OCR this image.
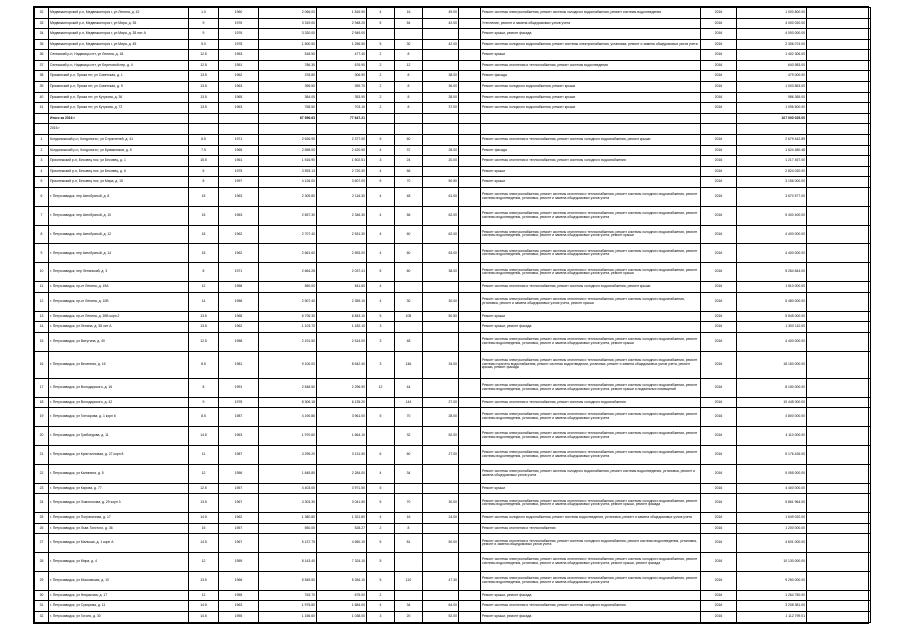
32	Медвежьегорский р-н, Медвежьегорск г, ул Ленина, д. 42	1.0	1960	2 066.00	1 816.90	4	16	49.00		Ремонт системы электроснабжения, ремонт системы холодного водоснабжения, ремонт системы водоотведения	2016	1 000 800.00	
33	Медвежьегорский р-н, Медвежьегорск г, ул Мира, д. 35	9	1976	3 319.00	2 948.20	5	54	42.00		Утепление, ремонт и замена общедомовых узлов учета	2016	4 000 020.00	
34	Медвежьегорский р-н, Медвежьегорск г, ул Мира, д. 35 лит А	9	1976	3 320.00	2 949.00					Ремонт крыши, ремонт фасада	2016	4 000 000.00	
35	Медвежьегорский р-н, Медвежьегорск г, ул Мира, д. 45	5.0	1978	1 500.50	1 256.50	5	30	42.00		Ремонт системы холодного водоснабжения, ремонт системы электроснабжения, установка, ремонт и замена общедомовых узлов учета	2016	2 306 074.00	
36	Сегежский р-н, Надвоицы пгт, ул Ленина, д. 18	12.5	1953	518.50	477.40	2	8			Ремонт крыши	2016	1 402 306.00	
37	Сегежский р-н, Надвоицы пгт, ул Береговой пер, д. 4	12.5	1951	786.30	676.90	2	12			Ремонт системы отопления и теплоснабжения, ремонт системы водоотведения	2016	640 983.00	
38	Пряжинский р-н, Пряжа пгт, ул Советская, д. 1	13.5	1962	378.80	306.90	2	8	38.00		Ремонт фасада	2016	479 000.00	
39	Пряжинский р-н, Пряжа пгт, ул Советская, д. 5	13.5	1963	396.50	359.70	2	8	36.00		Ремонт системы холодного водоснабжения, ремонт крыши	2016	1 003 863.00	
40	Пряжинский р-н, Пряжа пгт, ул Кутузова, д. 36	13.5	1965	384.00	353.90	2	8	38.00		Ремонт системы холодного водоснабжения, ремонт крыши	2016	986 365.00	
41	Пряжинский р-н, Пряжа пгт, ул Кутузова, д. 72	13.5	1963	768.50	703.10	2	8	37.00		Ремонт системы холодного водоснабжения, ремонт крыши	2016	1 096 500.00	
	Итого за 2016 г			67 596.63	77 647.21							107 000 025.00	
	2016 г												
1	Кондопожский р-н, Кондопога г, ул Строителей, д. 41	8.5	1971	2 626.90	2 377.00	5	60			Ремонт системы отопления и теплоснабжения, ремонт системы холодного водоснабжения, ремонт крыши	2016	2 679 442.89	
2	Кондопожский р-н, Кондопога г, ул Бумажников, д. 5	7.5	1965	2 658.00	2 420.90	4	37	28.00		Ремонт фасада	2016	1 624 480.48	
3	Прионежский р-н, Бесовец пос, ул Бесовец, д. 1	15.5	1961	1 516.90	1 502.51	3	24	20.00		Ремонт системы отопления и теплоснабжения, ремонт системы холодного водоснабжения	2016	1 217 457.00	
4	Прионежский р-н, Бесовец пос, ул Бесовец, д. 6	5	1975	3 593.13	2 720.30	4	56			Ремонт крыши	2016	2 824 020.00	
5	Прионежский р-н, Бесовец пос, ул Мира, д. 15	8	1997	4 126.00	3 607.00	5	70	50.50		Ремонт крыши	2016	3 156 000.00	
6	г. Петрозаводск, пер Автобусный, д. 8	15	1963	2 309.80	2 116.30	4	48	61.00		Ремонт системы электроснабжения, ремонт системы отопления и теплоснабжения, ремонт системы холодного водоснабжения, ремонт системы водоотведения, установка, ремонт и замена общедомовых узлов учета	2016	3 670 577.00	
7	г. Петрозаводск, пер Автобусный, д. 10	15	1963	2 657.30	2 346.30	4	56	62.00		Ремонт системы электроснабжения, ремонт системы отопления и теплоснабжения, ремонт системы холодного водоснабжения, ремонт системы водоотведения, установка, ремонт и замена общедомовых узлов учета	2016	5 400 400.00	
8	г. Петрозаводск, пер Автобусный, д. 12	15	1962	2 707.40	2 531.30	4	60	62.00		Ремонт системы электроснабжения, ремонт системы отопления и теплоснабжения, ремонт системы холодного водоснабжения, ремонт системы водоотведения, установка, ремонт и замена общедомовых узлов учета, ремонт крыши	2016	4 400 000.00	
9	г. Петрозаводск, пер Автобусный, д. 14	15	1962	2 661.60	2 553.00	4	60	63.00		Ремонт системы электроснабжения, ремонт системы отопления и теплоснабжения, ремонт системы холодного водоснабжения, ремонт системы водоотведения, установка, ремонт и замена общедомовых узлов учета	2016	4 400 000.00	
10	г. Петрозаводск, пер Ленинский, д. 3	8	1971	2 664.28	2 037.41	5	60	38.00		Ремонт системы электроснабжения, ремонт системы отопления и теплоснабжения, ремонт системы холодного водоснабжения, ремонт системы водоотведения, установка, ремонт и замена общедомовых узлов учета, ремонт крыши	2016	5 264 844.00	
11	г. Петрозаводск, пр-кт Ленина, д. 19А	12	1958	550.00	541.60	4				Ремонт системы отопления и теплоснабжения, ремонт системы холодного водоснабжения, ремонт крыши	2016	1 510 000.00	
12	г. Петрозаводск, пр-кт Ленина, д. 10В	14	1956	2 507.40	2 359.10	4	30	30.00		Ремонт системы электроснабжения, ремонт системы отопления и теплоснабжения, ремонт системы холодного водоснабжения, установка, ремонт и замена общедомовых узлов учета, ремонт крыши	2016	5 480 000.00	
13	г. Петрозаводск, пр-кт Ленина, д. 39В корп.2	13.5	1968	6 706.30	6 843.10	5	108	50.50		Ремонт крыши	2016	5 845 000.00	
14	г. Петрозаводск, ул Ленина, д. 38 лит А	13.5	1962	1 103.70	1 182.10	3				Ремонт крыши, ремонт фасада	2016	1 300 110.00	
15	г. Петрозаводск, ул Ватутина, д. 40	12.5	1958	2 191.50	2 514.00	3	48			Ремонт системы электроснабжения, ремонт системы отопления и теплоснабжения, ремонт системы холодного водоснабжения, ремонт системы водоотведения, установка, ремонт и замена общедомовых узлов учета, ремонт крыши	2016	4 400 000.00	
16	г. Петрозаводск, ул Весенняя, д. 16	8.5	1981	9 100.00	8 642.40	3	146	34.00		Ремонт системы электроснабжения, ремонт системы отопления и теплоснабжения, ремонт системы холодного водоснабжения, ремонт системы горячего водоснабжения, ремонт системы водоотведения, установка, ремонт и замена общедомовых узлов учета, ремонт крыши, ремонт фасада	2016	18 150 000.00	
17	г. Петрозаводск, ул Володарского, д. 16	8	1991	2 548.50	2 296.90	12	44			Ремонт системы электроснабжения, ремонт системы отопления и теплоснабжения, ремонт системы холодного водоснабжения, ремонт системы водоотведения, установка, ремонт и замена общедомовых узлов учета, ремонт крыши и подвальных помещений	2016	8 150 000.00	
18	г. Петрозаводск, ул Володарского, д. 42	9	1978	8 306.18	6 135.20		144	27.00		Ремонт системы отопления и теплоснабжения, ремонт системы холодного водоснабжения	2016	10 445 000.00	
19	г. Петрозаводск, ул Гончарова, д. 1 корп 6	8.5	1987	4 190.86	3 961.00	5	70	28.00		Ремонт системы электроснабжения, ремонт системы отопления и теплоснабжения, ремонт системы холодного водоснабжения, ремонт системы водоотведения, установка, ремонт и замена общедомовых узлов учета	2016	4 800 000.00	
20	г. Петрозаводск, ул Грибоедова, д. 11	14.5	1963	1 970.60	1 664.10		32	52.00		Ремонт системы электроснабжения, ремонт системы отопления и теплоснабжения, ремонт системы холодного водоснабжения, ремонт системы водоотведения, установка, ремонт и замена общедомовых узлов учета	2016	4 110 000.00	
21	г. Петрозаводск, ул Кристалловая, д. 27 корп 8	11	1987	3 295.20	3 131.50	6	60	27.00		Ремонт системы электроснабжения, ремонт системы отопления и теплоснабжения, ремонт системы холодного водоснабжения, ремонт системы водоотведения, установка, ремонт и замена общедомовых узлов учета	2016	5 176 426.00	
22	г. Петрозаводск, ул Калинина, д. 5	12	1956	1 645.80	2 284.00	4	34			Ремонт системы электроснабжения, ремонт системы холодного водоснабжения, ремонт системы водоотведения, установка, ремонт и замена общедомовых узлов учета	2016	5 055 000.00	
23	г. Петрозаводск, ул Кирова, д. 77	12.5	1957	4 403.00	3 971.50	5				Ремонт крыши	2016	4 400 000.00	
24	г. Петрозаводск, ул Ломоносова, д. 29 корп 3	13.5	1967	3 303.30	3 041.50	5	70	30.00		Ремонт системы электроснабжения, ремонт системы отопления и теплоснабжения, ремонт системы холодного водоснабжения, ремонт системы водоотведения, установка, ремонт и замена общедомовых узлов учета, ремонт крыши, ремонт фасада	2016	5 861 964.00	
25	г. Петрозаводск, ул Пограничная, д. 17	14.5	1962	1 380.80	1 321.80	4	16	24.00		Ремонт системы холодного водоснабжения, ремонт системы водоотведения, установка, ремонт и замена общедомовых узлов учета	2016	1 649 020.00	
26	г. Петрозаводск, ул Льва Толстого, д. 36	15	1957	550.00	528.27	2	8			Ремонт системы отопления и теплоснабжения	2016	1 200 000.00	
27	г. Петрозаводск, ул Малыша, д. 1 корп А	14.5	1967	5 137.75	4 650.10	5	81	50.00		Ремонт системы отопления и теплоснабжения, ремонт системы холодного водоснабжения, ремонт системы водоотведения, установка, ремонт и замена общедомовых узлов учета	2016	4 601 000.00	
28	г. Петрозаводск, ул Мира, д. 4	12	1959	8 143.40	7 324.10	5				Ремонт системы электроснабжения, ремонт системы отопления и теплоснабжения, ремонт системы холодного водоснабжения, ремонт системы водоотведения, установка, ремонт и замена общедомовых узлов учета, ремонт крыши, ремонт фасада	2016	10 130 000.00	
29	г. Петрозаводск, ул Московская, д. 10	13.5	1966	5 545.50	5 284.10	5	110	47.30		Ремонт системы электроснабжения, ремонт системы отопления и теплоснабжения, ремонт системы холодного водоснабжения, ремонт системы водоотведения, установка, ремонт и замена общедомовых узлов учета	2016	9 250 000.00	
30	г. Петрозаводск, ул Некрасова, д. 17	12	1955	763.70	675.00	2				Ремонт крыши, ремонт фасада	2016	1 264 750.00	
31	г. Петрозаводск, ул Суворова, д. 11	14.5	1963	1 975.80	1 684.00	4	34	64.00		Ремонт системы отопления и теплоснабжения, ремонт системы холодного водоснабжения	2016	3 208 381.00	
32	г. Петрозаводск, ул Гоголя, д. 30	14.5	1955	1 156.60	1 038.00	3	20	52.00		Ремонт крыши, ремонт фасада	2016	1 112 799.01	
